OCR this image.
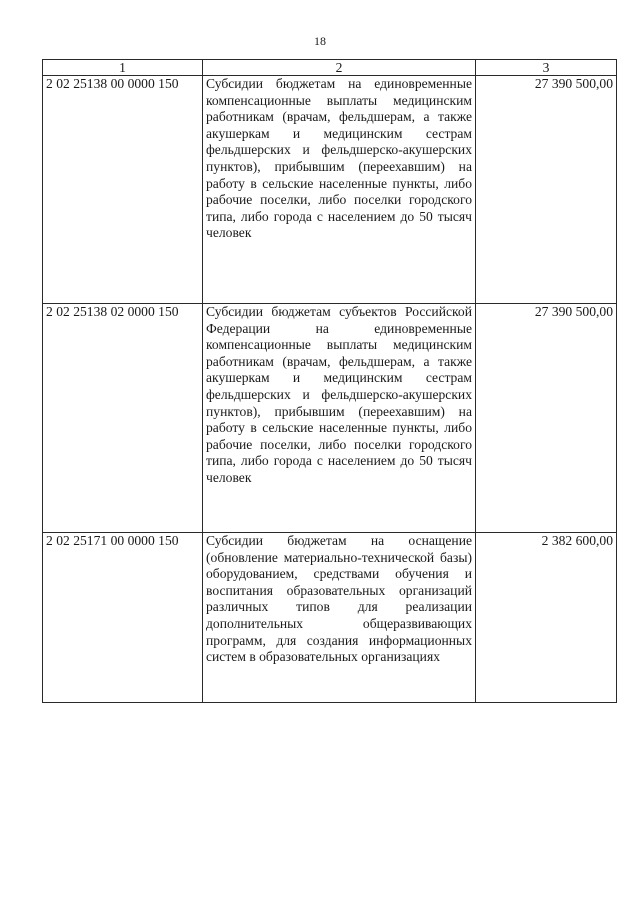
18
1	2	3
2 02 25138 00 0000 150	Субсидии бюджетам на единовременные компенсационные выплаты медицинским работникам (врачам, фельдшерам, а также акушеркам и медицинским сестрам фельдшерских и фельдшерско-акушерских пунктов), прибывшим (переехавшим) на работу в сельские населенные пункты, либо рабочие поселки, либо поселки городского типа, либо города с населением до 50 тысяч человек	27 390 500,00
2 02 25138 02 0000 150	Субсидии бюджетам субъектов Российской Федерации на единовременные компенсационные выплаты медицинским работникам (врачам, фельдшерам, а также акушеркам и медицинским сестрам фельдшерских и фельдшерско-акушерских пунктов), прибывшим (переехавшим) на работу в сельские населенные пункты, либо рабочие поселки, либо поселки городского типа, либо города с населением до 50 тысяч человек	27 390 500,00
2 02 25171 00 0000 150	Субсидии бюджетам на оснащение (обновление материально-технической базы) оборудованием, средствами обучения и воспитания образовательных организаций различных типов для реализации дополнительных общеразвивающих программ, для создания информационных систем в образовательных организациях	2 382 600,00
